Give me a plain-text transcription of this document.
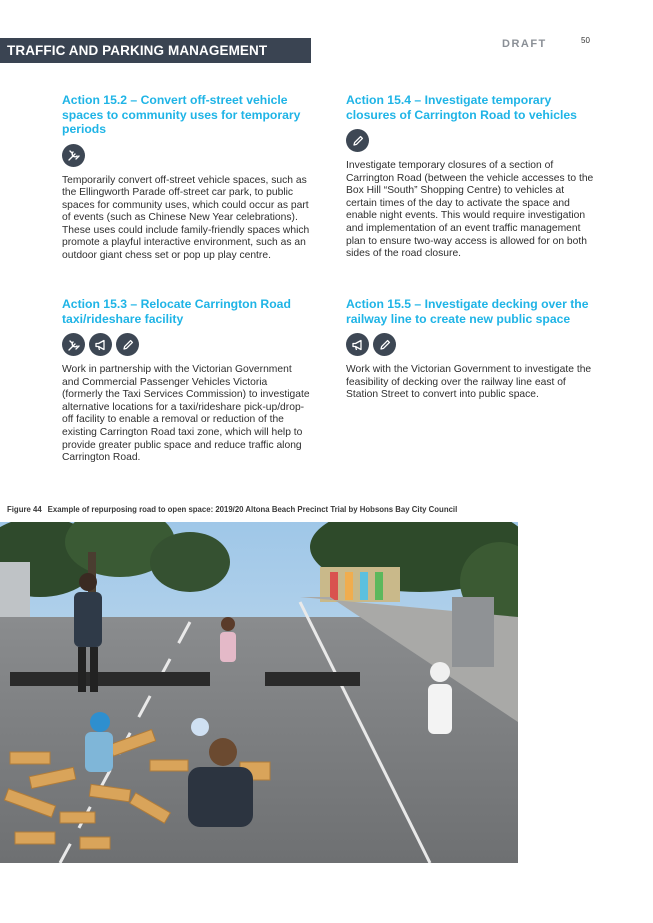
TRAFFIC AND PARKING MANAGEMENT	DRAFT	50
Action 15.2 – Convert off-street vehicle spaces to community uses for temporary periods

Temporarily convert off-street vehicle spaces, such as the Ellingworth Parade off-street car park, to public spaces for community uses, which could occur as part of events (such as Chinese New Year celebrations). These uses could include family-friendly spaces which promote a playful interactive environment, such as an outdoor giant chess set or pop up play centre.

Action 15.3 – Relocate Carrington Road taxi/rideshare facility

Work in partnership with the Victorian Government and Commercial Passenger Vehicles Victoria (formerly the Taxi Services Commission) to investigate alternative locations for a taxi/rideshare pick-up/drop-off facility to enable a removal or reduction of the existing Carrington Road taxi zone, which will help to provide greater public space and reduce traffic along Carrington Road.

Action 15.4 – Investigate temporary closures of Carrington Road to vehicles

Investigate temporary closures of a section of Carrington Road (between the vehicle accesses to the Box Hill “South” Shopping Centre) to vehicles at certain times of the day to activate the space and enable night events. This would require investigation and implementation of an event traffic management plan to ensure two-way access is allowed for on both sides of the road closure.

Action 15.5 – Investigate decking over the railway line to create new public space

Work with the Victorian Government to investigate the feasibility of decking over the railway line east of Station Street to convert into public space.

Figure 44 Example of repurposing road to open space: 2019/20 Altona Beach Precinct Trial by Hobsons Bay City Council
